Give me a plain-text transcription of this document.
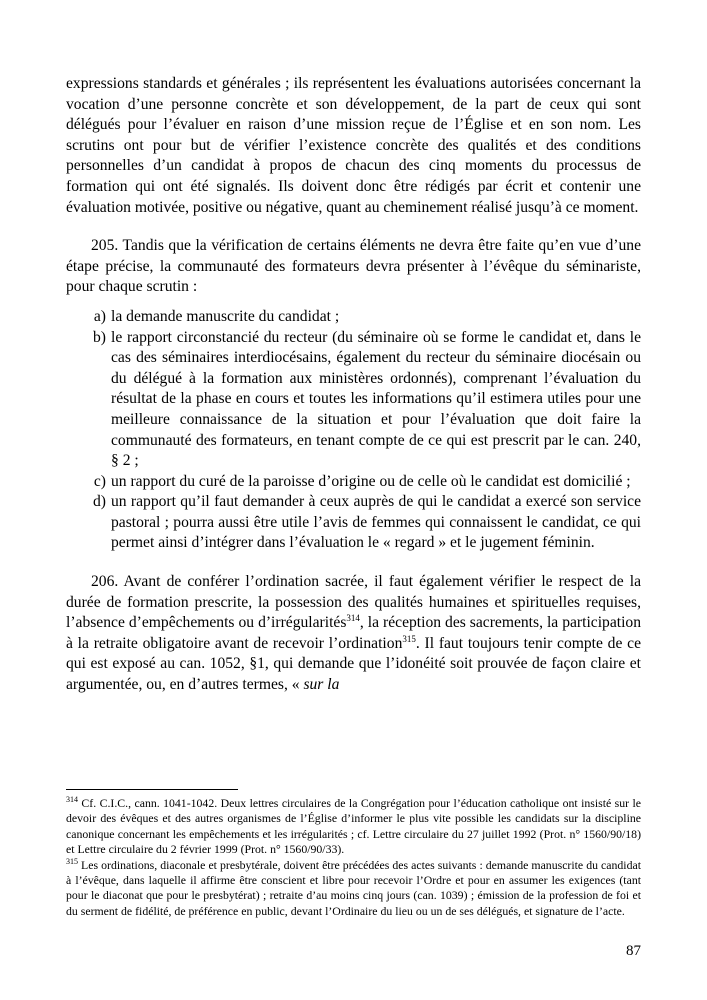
expressions standards et générales ; ils représentent les évaluations autorisées concernant la vocation d’une personne concrète et son développement, de la part de ceux qui sont délégués pour l’évaluer en raison d’une mission reçue de l’Église et en son nom. Les scrutins ont pour but de vérifier l’existence concrète des qualités et des conditions personnelles d’un candidat à propos de chacun des cinq moments du processus de formation qui ont été signalés. Ils doivent donc être rédigés par écrit et contenir une évaluation motivée, positive ou négative, quant au cheminement réalisé jusqu’à ce moment.

205. Tandis que la vérification de certains éléments ne devra être faite qu’en vue d’une étape précise, la communauté des formateurs devra présenter à l’évêque du séminariste, pour chaque scrutin :

a) la demande manuscrite du candidat ;
b) le rapport circonstancié du recteur (du séminaire où se forme le candidat et, dans le cas des séminaires interdiocésains, également du recteur du séminaire diocésain ou du délégué à la formation aux ministères ordonnés), comprenant l’évaluation du résultat de la phase en cours et toutes les informations qu’il estimera utiles pour une meilleure connaissance de la situation et pour l’évaluation que doit faire la communauté des formateurs, en tenant compte de ce qui est prescrit par le can. 240, § 2 ;
c) un rapport du curé de la paroisse d’origine ou de celle où le candidat est domicilié ;
d) un rapport qu’il faut demander à ceux auprès de qui le candidat a exercé son service pastoral ; pourra aussi être utile l’avis de femmes qui connaissent le candidat, ce qui permet ainsi d’intégrer dans l’évaluation le « regard » et le jugement féminin.

206. Avant de conférer l’ordination sacrée, il faut également vérifier le respect de la durée de formation prescrite, la possession des qualités humaines et spirituelles requises, l’absence d’empêchements ou d’irrégularités$^{314}$, la réception des sacrements, la participation à la retraite obligatoire avant de recevoir l’ordination$^{315}$. Il faut toujours tenir compte de ce qui est exposé au can. 1052, §1, qui demande que l’idonéité soit prouvée de façon claire et argumentée, ou, en d’autres termes, « sur la

$^{314}$ Cf. C.I.C., cann. 1041-1042. Deux lettres circulaires de la Congrégation pour l’éducation catholique ont insisté sur le devoir des évêques et des autres organismes de l’Église d’informer le plus vite possible les candidats sur la discipline canonique concernant les empêchements et les irrégularités ; cf. Lettre circulaire du 27 juillet 1992 (Prot. n° 1560/90/18) et Lettre circulaire du 2 février 1999 (Prot. n° 1560/90/33).

$^{315}$ Les ordinations, diaconale et presbytérale, doivent être précédées des actes suivants : demande manuscrite du candidat à l’évêque, dans laquelle il affirme être conscient et libre pour recevoir l’Ordre et pour en assumer les exigences (tant pour le diaconat que pour le presbytérat) ; retraite d’au moins cinq jours (can. 1039) ; émission de la profession de foi et du serment de fidélité, de préférence en public, devant l’Ordinaire du lieu ou un de ses délégués, et signature de l’acte.

87
